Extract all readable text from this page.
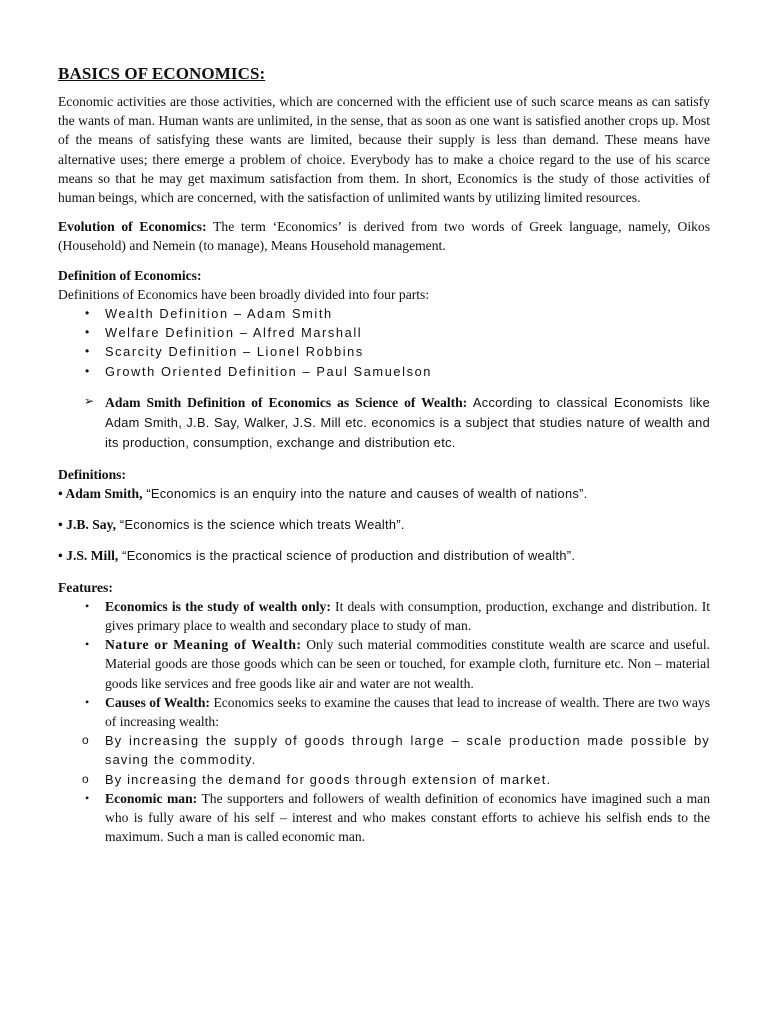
BASICS OF ECONOMICS:

Economic activities are those activities, which are concerned with the efficient use of such scarce means as can satisfy the wants of man. Human wants are unlimited, in the sense, that as soon as one want is satisfied another crops up. Most of the means of satisfying these wants are limited, because their supply is less than demand. These means have alternative uses; there emerge a problem of choice. Everybody has to make a choice regard to the use of his scarce means so that he may get maximum satisfaction from them. In short, Economics is the study of those activities of human beings, which are concerned, with the satisfaction of unlimited wants by utilizing limited resources.

Evolution of Economics: The term ‘Economics’ is derived from two words of Greek language, namely, Oikos (Household) and Nemein (to manage), Means Household management.

Definition of Economics:

Definitions of Economics have been broadly divided into four parts:

• Wealth Definition – Adam Smith
• Welfare Definition – Alfred Marshall
• Scarcity Definition – Lionel Robbins
• Growth Oriented Definition – Paul Samuelson
➢ Adam Smith Definition of Economics as Science of Wealth: According to classical Economists like Adam Smith, J.B. Say, Walker, J.S. Mill etc. economics is a subject that studies nature of wealth and its production, consumption, exchange and distribution etc.

Definitions:

• Adam Smith, “Economics is an enquiry into the nature and causes of wealth of nations”.

• J.B. Say, “Economics is the science which treats Wealth”.

• J.S. Mill, “Economics is the practical science of production and distribution of wealth”.

Features:
• Economics is the study of wealth only: It deals with consumption, production, exchange and distribution. It gives primary place to wealth and secondary place to study of man.
• Nature or Meaning of Wealth: Only such material commodities constitute wealth are scarce and useful. Material goods are those goods which can be seen or touched, for example cloth, furniture etc. Non – material goods like services and free goods like air and water are not wealth.
• Causes of Wealth: Economics seeks to examine the causes that lead to increase of wealth. There are two ways of increasing wealth:
o By increasing the supply of goods through large – scale production made possible by saving the commodity.
o By increasing the demand for goods through extension of market.
• Economic man: The supporters and followers of wealth definition of economics have imagined such a man who is fully aware of his self – interest and who makes constant efforts to achieve his selfish ends to the maximum. Such a man is called economic man.
